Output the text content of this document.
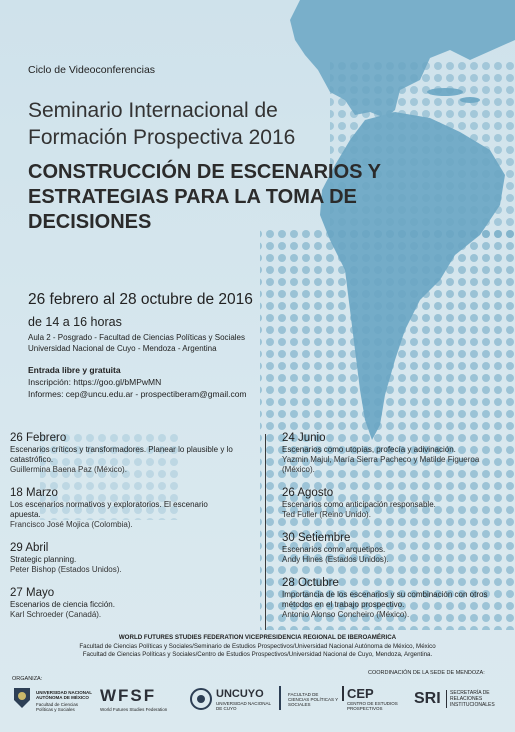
Ciclo de Videoconferencias
Seminario Internacional de
Formación Prospectiva 2016
CONSTRUCCIÓN DE ESCENARIOS Y
ESTRATEGIAS PARA LA TOMA DE
DECISIONES
26 febrero al 28 octubre de 2016
de 14 a 16 horas
Aula 2 - Posgrado - Facultad de Ciencias Políticas y Sociales
Universidad Nacional de Cuyo - Mendoza - Argentina
Entrada libre y gratuita
Inscripción: https://goo.gl/bMPwMN
Informes: cep@uncu.edu.ar - prospectiberam@gmail.com
26 Febrero
Escenarios críticos y transformadores. Planear lo plausible y lo catastrófico.
Guillermina Baena Paz (México).
18 Marzo
Los escenarios normativos y exploratorios. El escenario apuesta.
Francisco José Mojica (Colombia).
29 Abril
Strategic planning.
Peter Bishop (Estados Unidos).
27 Mayo
Escenarios de ciencia ficción.
Karl Schroeder (Canadá).
24 Junio
Escenarios como utopías, profecía y adivinación.
Yazmin Majul, María Sierra Pacheco y Matilde Figueroa (México).
26 Agosto
Escenarios como anticipación responsable.
Ted Fuller (Reino Unido).
30 Setiembre
Escenarios como arquetipos.
Andy Hines (Estados Unidos).
28 Octubre
Importancia de los escenarios y su combinación con otros métodos en el trabajo prospectivo.
Antonio Alonso Concheiro (México).
WORLD FUTURES STUDIES FEDERATION VICEPRESIDENCIA REGIONAL DE IBEROAMÉRICA
Facultad de Ciencias Políticas y Sociales/Seminario de Estudios Prospectivos/Universidad Nacional Autónoma de México, México
Facultad de Ciencias Políticas y Sociales/Centro de Estudios Prospectivos/Universidad Nacional de Cuyo, Mendoza, Argentina.
ORGANIZA:
COORDINACIÓN DE LA SEDE DE MENDOZA:
UNIVERSIDAD NACIONAL AUTÓNOMA DE MÉXICO
Facultad de Ciencias Políticas y Sociales
WFSF
World Futures Studies Federation
UNCUYO
UNIVERSIDAD NACIONAL DE CUYO
FACULTAD DE CIENCIAS POLÍTICAS Y SOCIALES
CEP
CENTRO DE ESTUDIOS PROSPECTIVOS
SRI	SECRETARÍA DE RELACIONES INSTITUCIONALES
